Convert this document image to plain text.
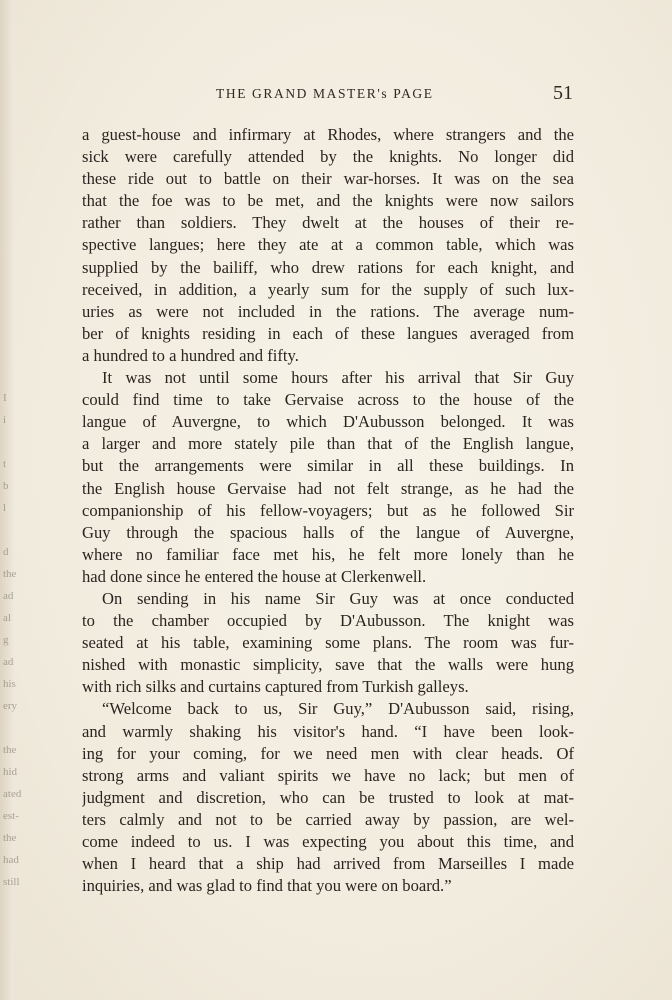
I
i
t
b
l
d
the
ad
al
g
ad
his
ery
the
hid
ated
est-
the
had
still
THE GRAND MASTER's PAGE	51
a guest-house and infirmary at Rhodes, where strangers and the
sick were carefully attended by the knights. No longer did
these ride out to battle on their war-horses. It was on the sea
that the foe was to be met, and the knights were now sailors
rather than soldiers. They dwelt at the houses of their re-
spective langues; here they ate at a common table, which was
supplied by the bailiff, who drew rations for each knight, and
received, in addition, a yearly sum for the supply of such lux-
uries as were not included in the rations. The average num-
ber of knights residing in each of these langues averaged from
a hundred to a hundred and fifty.
It was not until some hours after his arrival that Sir Guy
could find time to take Gervaise across to the house of the
langue of Auvergne, to which D'Aubusson belonged. It was
a larger and more stately pile than that of the English langue,
but the arrangements were similar in all these buildings. In
the English house Gervaise had not felt strange, as he had the
companionship of his fellow-voyagers; but as he followed Sir
Guy through the spacious halls of the langue of Auvergne,
where no familiar face met his, he felt more lonely than he
had done since he entered the house at Clerkenwell.
On sending in his name Sir Guy was at once conducted
to the chamber occupied by D'Aubusson. The knight was
seated at his table, examining some plans. The room was fur-
nished with monastic simplicity, save that the walls were hung
with rich silks and curtains captured from Turkish galleys.
“Welcome back to us, Sir Guy,” D'Aubusson said, rising,
and warmly shaking his visitor's hand. “I have been look-
ing for your coming, for we need men with clear heads. Of
strong arms and valiant spirits we have no lack; but men of
judgment and discretion, who can be trusted to look at mat-
ters calmly and not to be carried away by passion, are wel-
come indeed to us. I was expecting you about this time, and
when I heard that a ship had arrived from Marseilles I made
inquiries, and was glad to find that you were on board.”
